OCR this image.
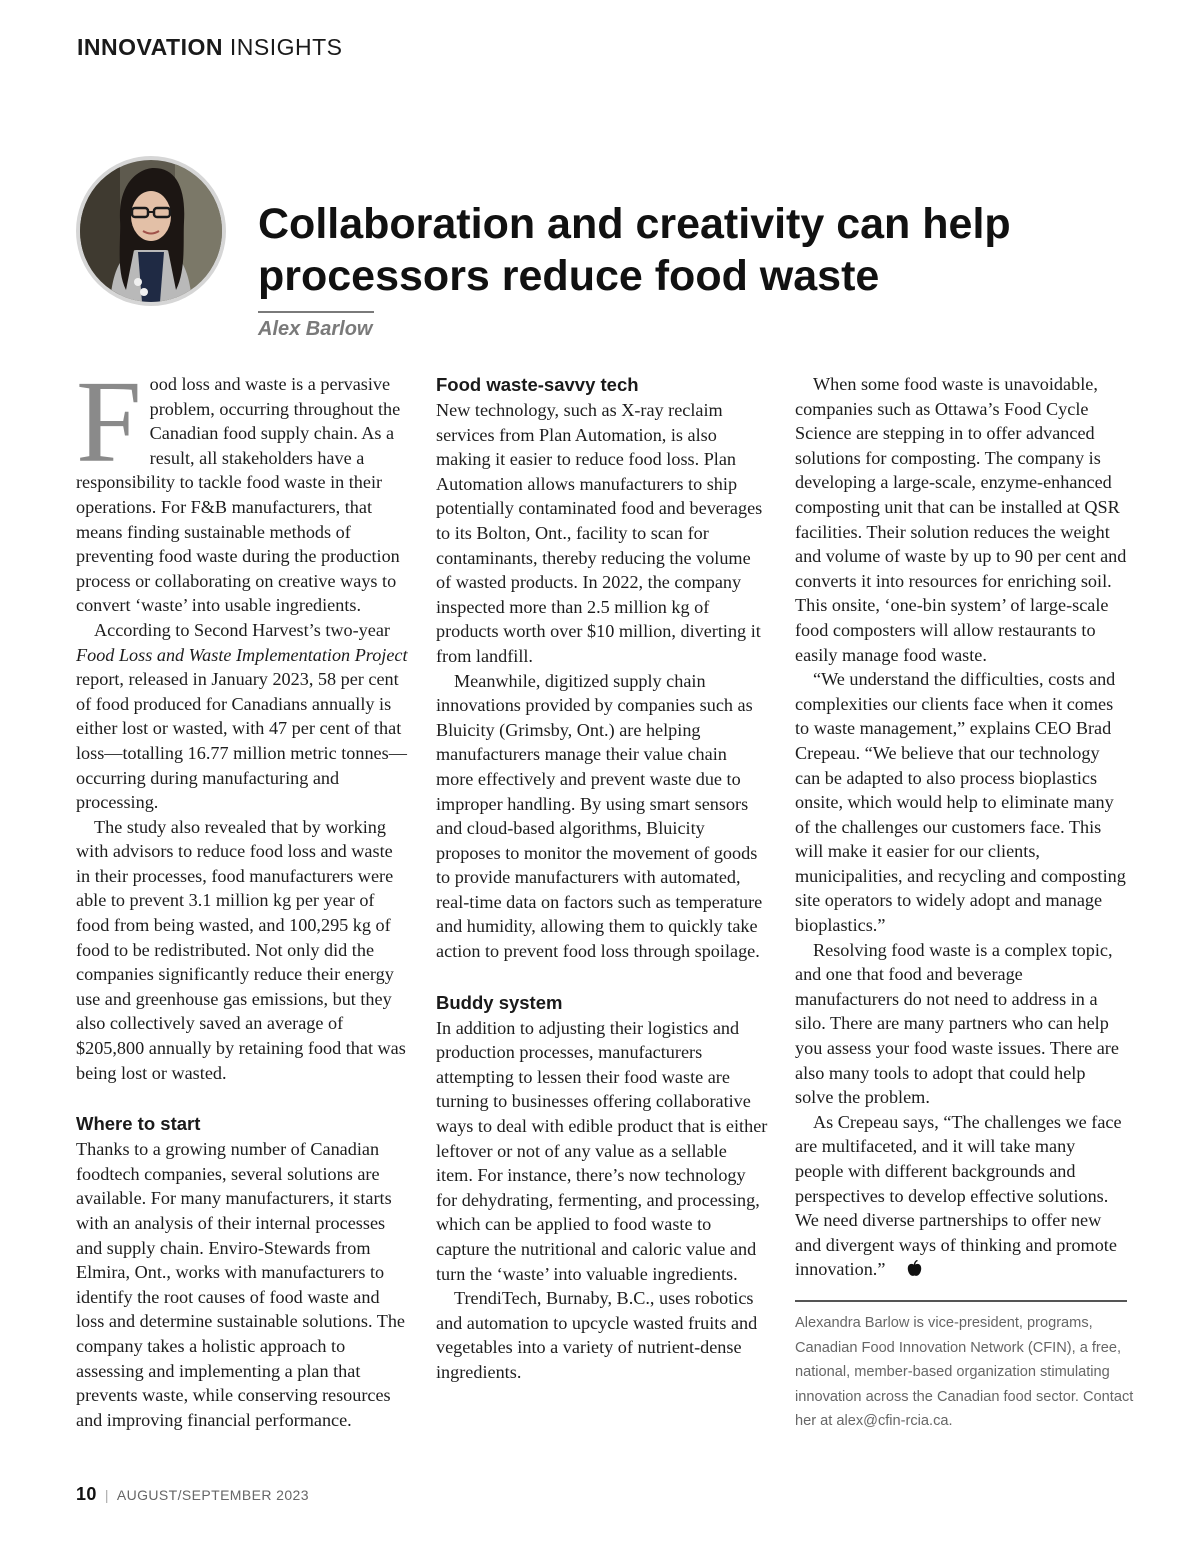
INNOVATION INSIGHTS
Collaboration and creativity can help processors reduce food waste
Alex Barlow
F ood loss and waste is a pervasive problem, occurring throughout the Canadian food supply chain. As a result, all stakeholders have a responsibility to tackle food waste in their operations. For F&B manufacturers, that means finding sustainable methods of preventing food waste during the production process or collaborating on creative ways to convert ‘waste’ into usable ingredients.

According to Second Harvest’s two-year Food Loss and Waste Implementation Project report, released in January 2023, 58 per cent of food produced for Canadians annually is either lost or wasted, with 47 per cent of that loss—totalling 16.77 million metric tonnes—occurring during manufacturing and processing.

The study also revealed that by working with advisors to reduce food loss and waste in their processes, food manufacturers were able to prevent 3.1 million kg per year of food from being wasted, and 100,295 kg of food to be redistributed. Not only did the companies significantly reduce their energy use and greenhouse gas emissions, but they also collectively saved an average of $205,800 annually by retaining food that was being lost or wasted.

Where to start

Thanks to a growing number of Canadian foodtech companies, several solutions are available. For many manufacturers, it starts with an analysis of their internal processes and supply chain. Enviro-Stewards from Elmira, Ont., works with manufacturers to identify the root causes of food waste and loss and determine sustainable solutions. The company takes a holistic approach to assessing and implementing a plan that prevents waste, while conserving resources and improving financial performance.

Food waste-savvy tech

New technology, such as X-ray reclaim services from Plan Automation, is also making it easier to reduce food loss. Plan Automation allows manufacturers to ship potentially contaminated food and beverages to its Bolton, Ont., facility to scan for contaminants, thereby reducing the volume of wasted products. In 2022, the company inspected more than 2.5 million kg of products worth over $10 million, diverting it from landfill.

Meanwhile, digitized supply chain innovations provided by companies such as Bluicity (Grimsby, Ont.) are helping manufacturers manage their value chain more effectively and prevent waste due to improper handling. By using smart sensors and cloud-based algorithms, Bluicity proposes to monitor the movement of goods to provide manufacturers with automated, real-time data on factors such as temperature and humidity, allowing them to quickly take action to prevent food loss through spoilage.

Buddy system

In addition to adjusting their logistics and production processes, manufacturers attempting to lessen their food waste are turning to businesses offering collaborative ways to deal with edible product that is either leftover or not of any value as a sellable item. For instance, there’s now technology for dehydrating, fermenting, and processing, which can be applied to food waste to capture the nutritional and caloric value and turn the ‘waste’ into valuable ingredients.

TrendiTech, Burnaby, B.C., uses robotics and automation to upcycle wasted fruits and vegetables into a variety of nutrient-dense ingredients.

When some food waste is unavoidable, companies such as Ottawa’s Food Cycle Science are stepping in to offer advanced solutions for composting. The company is developing a large-scale, enzyme-enhanced composting unit that can be installed at QSR facilities. Their solution reduces the weight and volume of waste by up to 90 per cent and converts it into resources for enriching soil. This onsite, ‘one-bin system’ of large-scale food composters will allow restaurants to easily manage food waste.

“We understand the difficulties, costs and complexities our clients face when it comes to waste management,” explains CEO Brad Crepeau. “We believe that our technology can be adapted to also process bioplastics onsite, which would help to eliminate many of the challenges our customers face. This will make it easier for our clients, municipalities, and recycling and composting site operators to widely adopt and manage bioplastics.”

Resolving food waste is a complex topic, and one that food and beverage manufacturers do not need to address in a silo. There are many partners who can help you assess your food waste issues. There are also many tools to adopt that could help solve the problem.

As Crepeau says, “The challenges we face are multifaceted, and it will take many people with different backgrounds and perspectives to develop effective solutions. We need diverse partnerships to offer new and divergent ways of thinking and promote innovation.”

Alexandra Barlow is vice-president, programs, Canadian Food Innovation Network (CFIN), a free, national, member-based organization stimulating innovation across the Canadian food sector. Contact her at alex@cfin-rcia.ca.
10 | AUGUST/SEPTEMBER 2023
